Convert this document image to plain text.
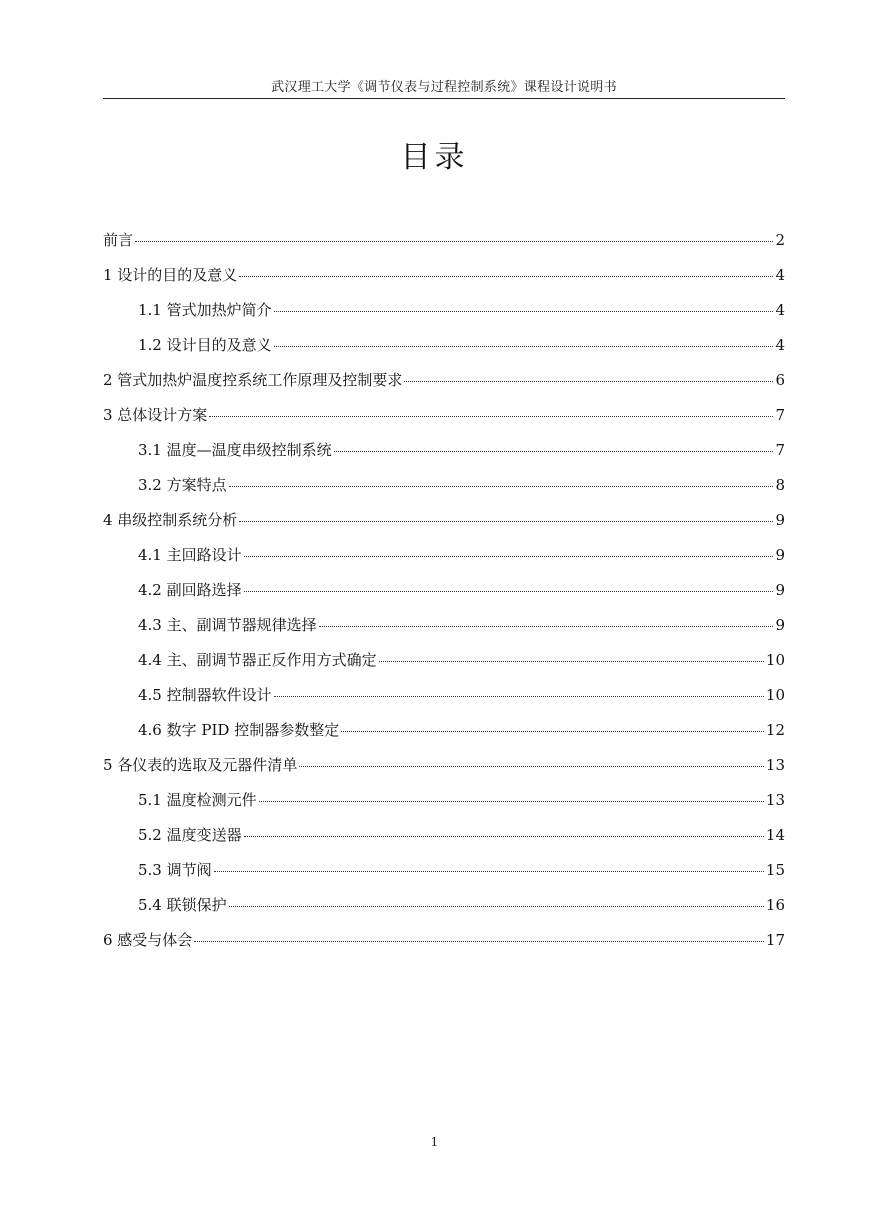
武汉理工大学《调节仪表与过程控制系统》课程设计说明书
目录
前言	2
1 设计的目的及意义	4
1.1 管式加热炉简介	4
1.2 设计目的及意义	4
2 管式加热炉温度控系统工作原理及控制要求	6
3 总体设计方案	7
3.1 温度—温度串级控制系统	7
3.2 方案特点	8
4 串级控制系统分析	9
4.1 主回路设计	9
4.2 副回路选择	9
4.3 主、副调节器规律选择	9
4.4 主、副调节器正反作用方式确定	10
4.5 控制器软件设计	10
4.6 数字 PID 控制器参数整定	12
5 各仪表的选取及元器件清单	13
5.1 温度检测元件	13
5.2 温度变送器	14
5.3 调节阀	15
5.4 联锁保护	16
6 感受与体会	17
1
